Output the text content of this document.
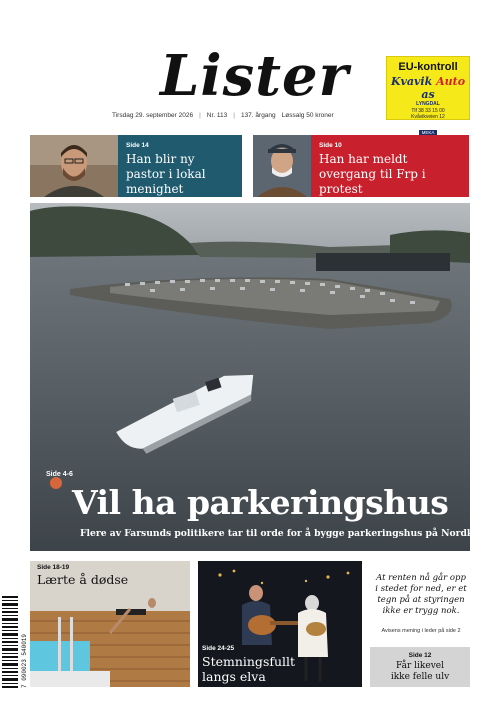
Lister
Tirsdag 29. september 2026 | Nr. 113 | 137. årgang Løssalg 50 kroner
EU-kontroll
Kvavik Auto as
LYNGDAL
Tlf 38 33 15 00
Kvåvikveien 12
MEKA
Side 14
Han blir ny pastor i lokal menighet
Side 10
Han har meldt overgang til Frp i protest
Side 4-6
Vil ha parkeringshus
Flere av Farsunds politikere tar til orde for å bygge parkeringshus på Nordkapp.
Side 18-19
Lærte å dødse
Side 24-25
Stemningsfullt
langs elva
At renten nå går opp i stedet for ned, er et tegn på at styringen ikke er trygg nok.
Avisens mening i leder på side 2
Side 12
Får likevel
ikke felle ulv
7 090023 540019
